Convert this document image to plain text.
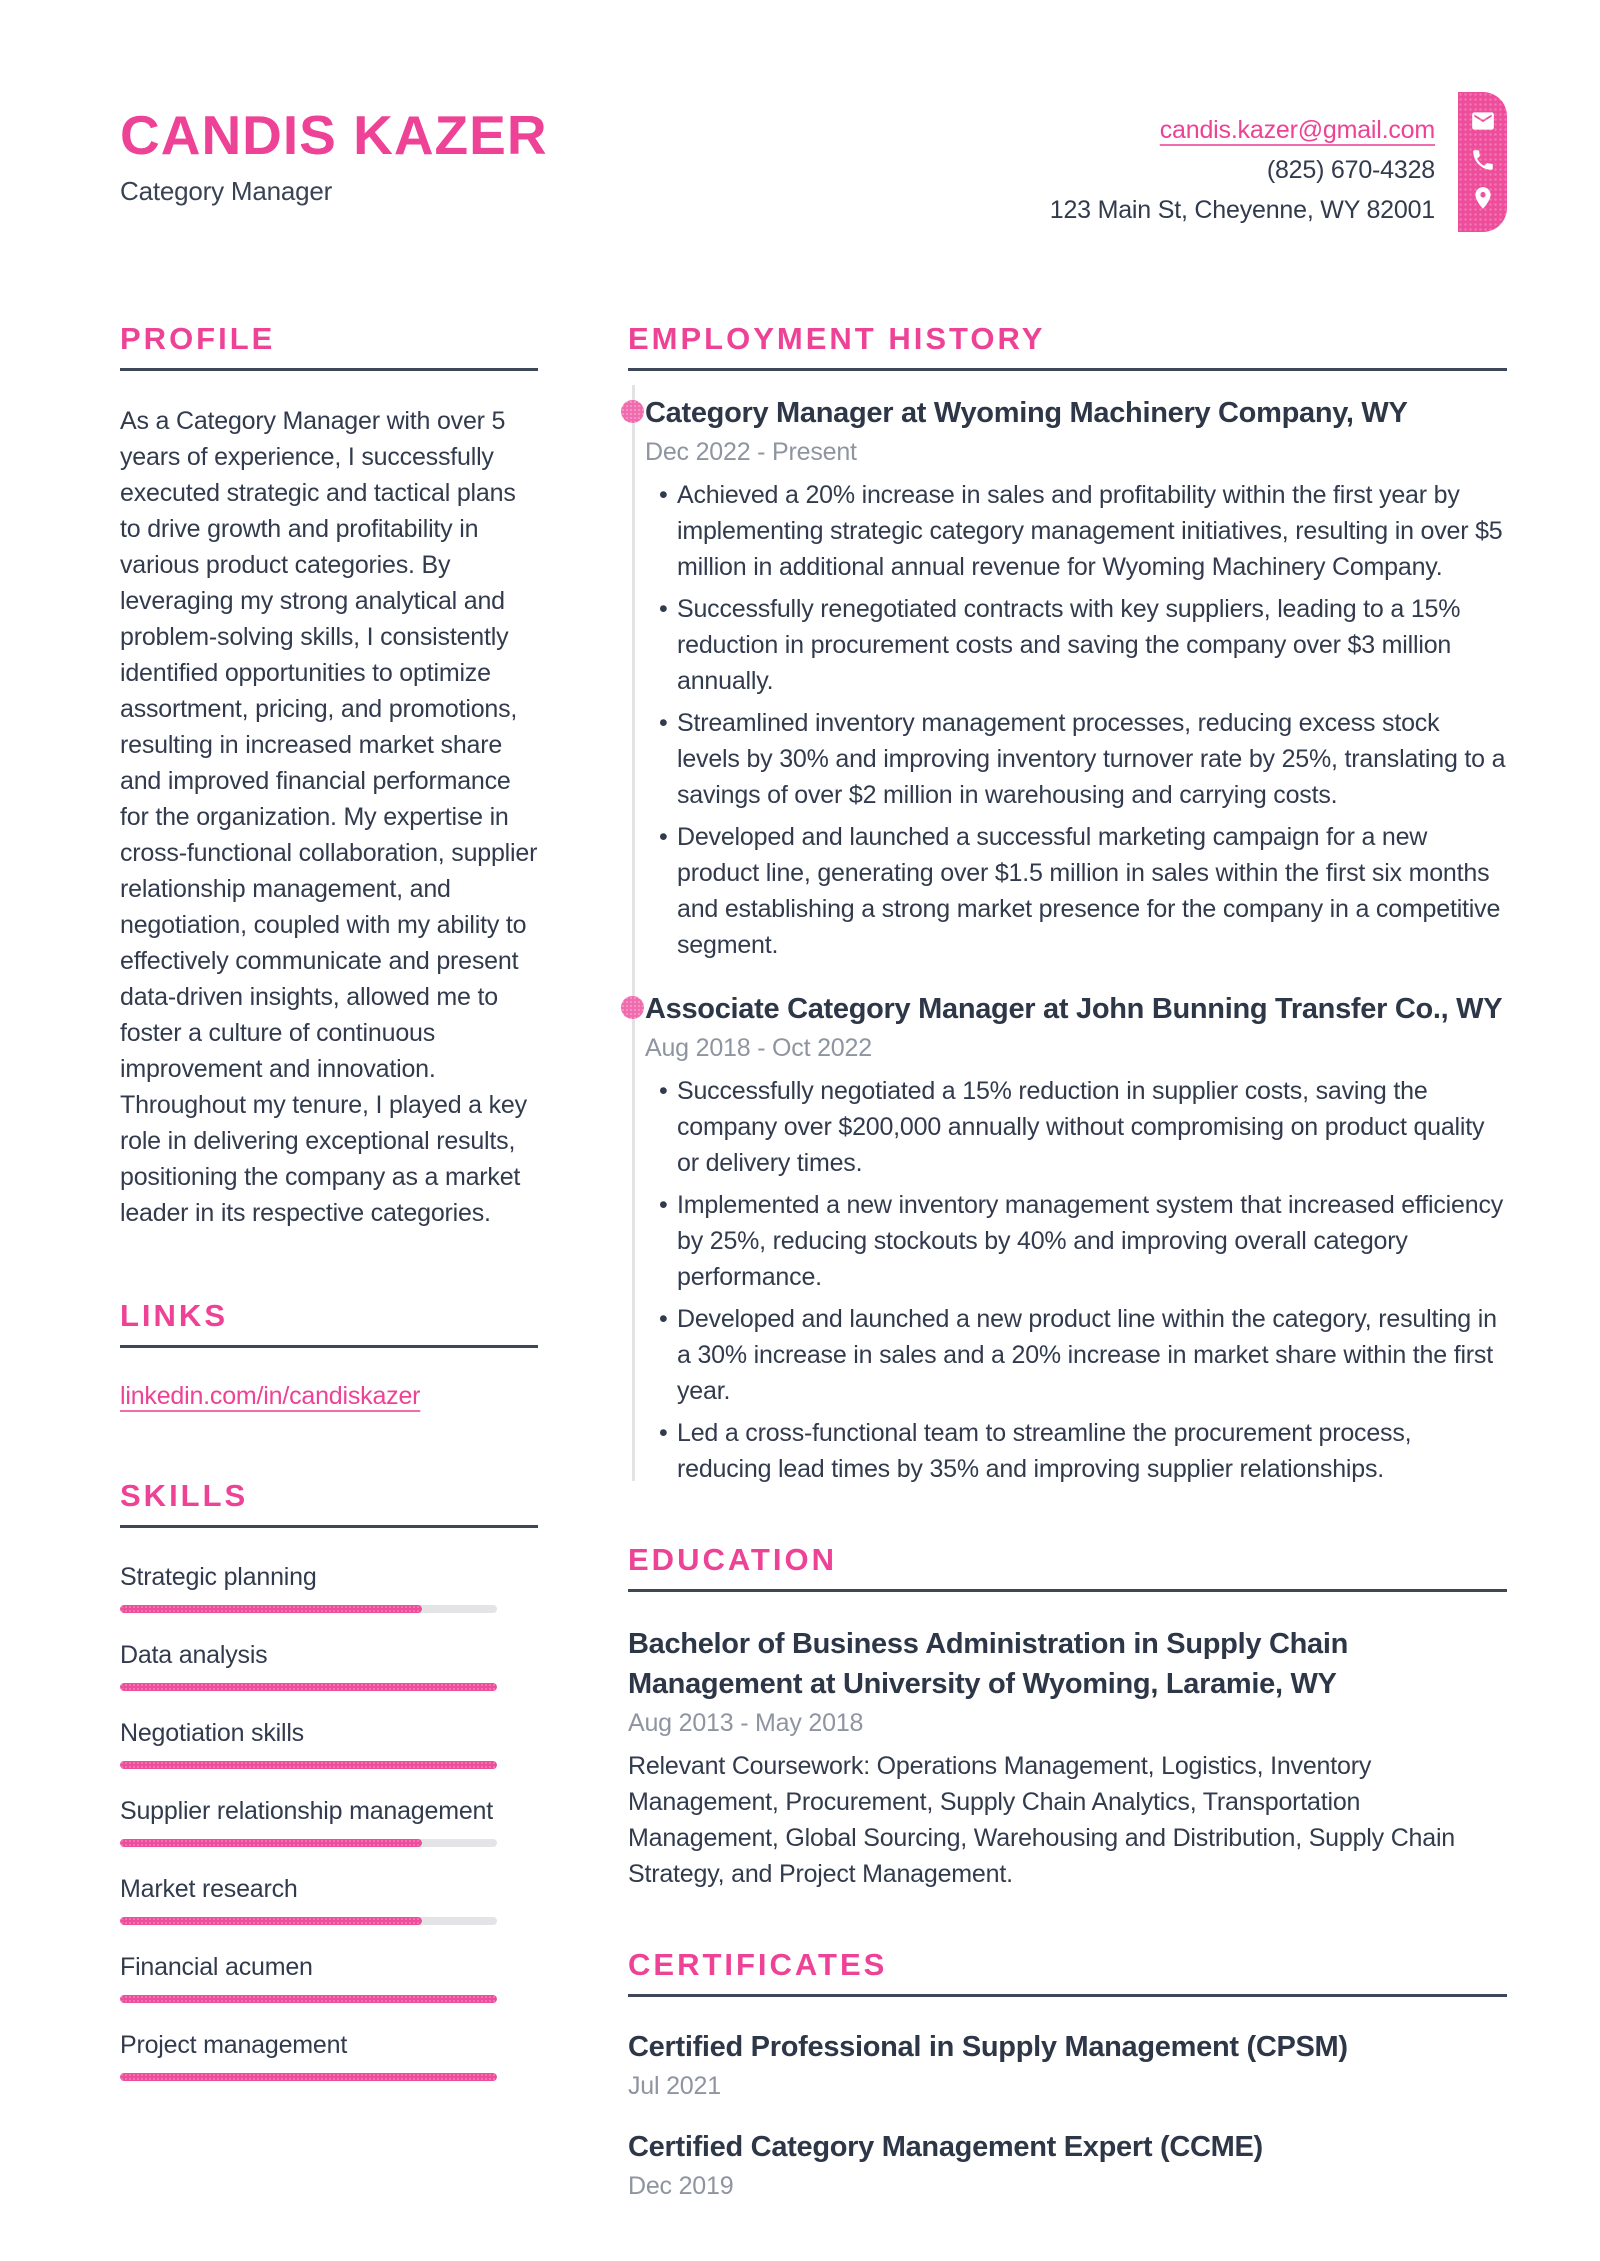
CANDIS KAZER
Category Manager
candis.kazer@gmail.com
(825) 670-4328
123 Main St, Cheyenne, WY 82001
PROFILE

As a Category Manager with over 5 years of experience, I successfully executed strategic and tactical plans to drive growth and profitability in various product categories. By leveraging my strong analytical and problem-solving skills, I consistently identified opportunities to optimize assortment, pricing, and promotions, resulting in increased market share and improved financial performance for the organization. My expertise in cross-functional collaboration, supplier relationship management, and negotiation, coupled with my ability to effectively communicate and present data-driven insights, allowed me to foster a culture of continuous improvement and innovation. Throughout my tenure, I played a key role in delivering exceptional results, positioning the company as a market leader in its respective categories.

LINKS
linkedin.com/in/candiskazer
SKILLS
Strategic planning
Data analysis
Negotiation skills
Supplier relationship management
Market research
Financial acumen
Project management
EMPLOYMENT HISTORY
Category Manager at Wyoming Machinery Company, WY
Dec 2022 - Present
• Achieved a 20% increase in sales and profitability within the first year by implementing strategic category management initiatives, resulting in over $5 million in additional annual revenue for Wyoming Machinery Company.
• Successfully renegotiated contracts with key suppliers, leading to a 15% reduction in procurement costs and saving the company over $3 million annually.
• Streamlined inventory management processes, reducing excess stock levels by 30% and improving inventory turnover rate by 25%, translating to a savings of over $2 million in warehousing and carrying costs.
• Developed and launched a successful marketing campaign for a new product line, generating over $1.5 million in sales within the first six months and establishing a strong market presence for the company in a competitive segment.
Associate Category Manager at John Bunning Transfer Co., WY
Aug 2018 - Oct 2022
• Successfully negotiated a 15% reduction in supplier costs, saving the company over $200,000 annually without compromising on product quality or delivery times.
• Implemented a new inventory management system that increased efficiency by 25%, reducing stockouts by 40% and improving overall category performance.
• Developed and launched a new product line within the category, resulting in a 30% increase in sales and a 20% increase in market share within the first year.
• Led a cross-functional team to streamline the procurement process, reducing lead times by 35% and improving supplier relationships.
EDUCATION
Bachelor of Business Administration in Supply Chain Management at University of Wyoming, Laramie, WY
Aug 2013 - May 2018

Relevant Coursework: Operations Management, Logistics, Inventory Management, Procurement, Supply Chain Analytics, Transportation Management, Global Sourcing, Warehousing and Distribution, Supply Chain Strategy, and Project Management.

CERTIFICATES
Certified Professional in Supply Management (CPSM)
Jul 2021
Certified Category Management Expert (CCME)
Dec 2019
